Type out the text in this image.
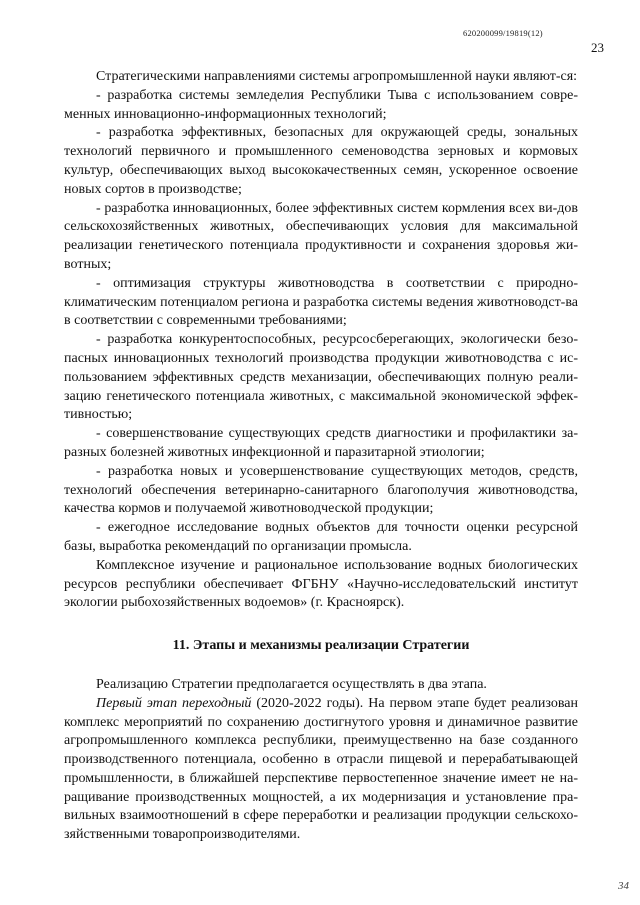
620200099/19819(12)
23

Стратегическими направлениями системы агропромышленной науки являют-ся:

- разработка системы земледелия Республики Тыва с использованием совре-менных инновационно-информационных технологий;

- разработка эффективных, безопасных для окружающей среды, зональных технологий первичного и промышленного семеноводства зерновых и кормовых культур, обеспечивающих выход высококачественных семян, ускоренное освоение новых сортов в производстве;

- разработка инновационных, более эффективных систем кормления всех ви-дов сельскохозяйственных животных, обеспечивающих условия для максимальной реализации генетического потенциала продуктивности и сохранения здоровья жи-вотных;

- оптимизация структуры животноводства в соответствии с природно-климатическим потенциалом региона и разработка системы ведения животноводст-ва в соответствии с современными требованиями;

- разработка конкурентоспособных, ресурсосберегающих, экологически безо-пасных инновационных технологий производства продукции животноводства с ис-пользованием эффективных средств механизации, обеспечивающих полную реали-зацию генетического потенциала животных, с максимальной экономической эффек-тивностью;

- совершенствование существующих средств диагностики и профилактики за-разных болезней животных инфекционной и паразитарной этиологии;

- разработка новых и усовершенствование существующих методов, средств, технологий обеспечения ветеринарно-санитарного благополучия животноводства, качества кормов и получаемой животноводческой продукции;

- ежегодное исследование водных объектов для точности оценки ресурсной базы, выработка рекомендаций по организации промысла.

Комплексное изучение и рациональное использование водных биологических ресурсов республики обеспечивает ФГБНУ «Научно-исследовательский институт экологии рыбохозяйственных водоемов» (г. Красноярск).

11. Этапы и механизмы реализации Стратегии

Реализацию Стратегии предполагается осуществлять в два этапа.

Первый этап переходный (2020-2022 годы). На первом этапе будет реализован комплекс мероприятий по сохранению достигнутого уровня и динамичное развитие агропромышленного комплекса республики, преимущественно на базе созданного производственного потенциала, особенно в отрасли пищевой и перерабатывающей промышленности, в ближайшей перспективе первостепенное значение имеет не на-ращивание производственных мощностей, а их модернизация и установление пра-вильных взаимоотношений в сфере переработки и реализации продукции сельскохо-зяйственными товаропроизводителями.

34
